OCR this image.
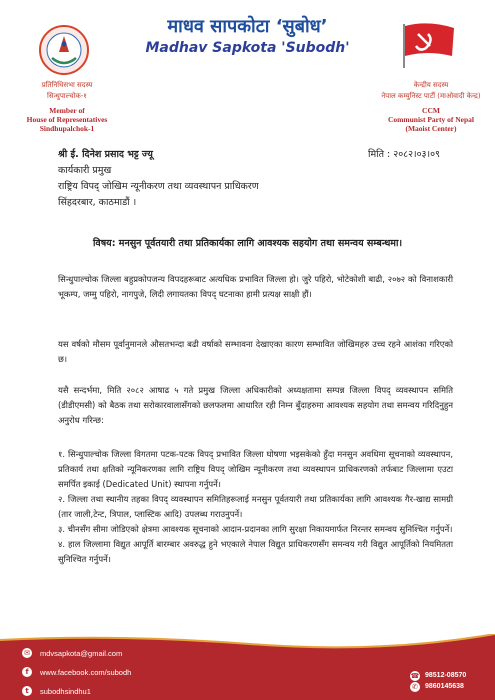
माधव सापकोटा ‘सुबोध’
Madhav Sapkota 'Subodh'
प्रतिनिधिसभा सदस्य
सिन्धुपाल्चोक-१
Member of
House of Representatives
Sindhupalchok-1
केन्द्रीय सदस्य
नेपाल कम्युनिस्ट पार्टी (माओवादी केन्द्र)
CCM
Communist Party of Nepal
(Maoist Center)
श्री ई. दिनेश प्रसाद भट्ट ज्यू
कार्यकारी प्रमुख
राष्ट्रिय विपद् जोखिम न्यूनीकरण तथा व्यवस्थापन प्राधिकरण
सिंहदरबार, काठमाडौं ।
मिति : २०८२।०३।०९
विषय: मनसुन पूर्वतयारी तथा प्रतिकार्यका लागि आवश्यक सहयोग तथा समन्वय सम्बन्धमा।
सिन्धुपाल्चोक जिल्ला बहुप्रकोपजन्य विपदहरूबाट अत्यधिक प्रभावित जिल्ला हो। जुरे पहिरो, भोटेकोशी बाढी, २०७२ को विनाशकारी भूकम्प, जम्मु पहिरो, नागपुजे, लिदी लगायतका विपद् घटनाका हामी प्रत्यक्ष साक्षी हौं।
यस वर्षको मौसम पूर्वानुमानले औसतभन्दा बढी वर्षाको सम्भावना देखाएका कारण सम्भावित जोखिमहरु उच्च रहने आशंका गरिएको छ।
यसै सन्दर्भमा, मिति २०८२ आषाढ ५ गते प्रमुख जिल्ला अधिकारीको अध्यक्षतामा सम्पन्न जिल्ला विपद् व्यवस्थापन समिति (डीडीएमसी) को बैठक तथा सरोकारवालासँगको छलफलमा आधारित रही निम्न बुँदाहरुमा आवश्यक सहयोग तथा समन्वय गरिदिनुहुन अनुरोध गरिन्छ:
१. सिन्धुपाल्चोक जिल्ला विगतमा पटक-पटक विपद् प्रभावित जिल्ला घोषणा भइसकेको हुँदा मनसुन अवधिमा सूचनाको व्यवस्थापन, प्रतिकार्य तथा क्षतिको न्यूनिकरणका लागि राष्ट्रिय विपद् जोखिम न्यूनीकरण तथा व्यवस्थापन प्राधिकरणको तर्फबाट जिल्लामा एउटा समर्पित इकाई (Dedicated Unit) स्थापना गर्नुपर्ने।
२. जिल्ला तथा स्थानीय तहका विपद् व्यवस्थापन समितिहरूलाई मनसुन पूर्वतयारी तथा प्रतिकार्यका लागि आवश्यक गैर-खाद्य सामग्री (तार जाली,टेन्ट, त्रिपाल, प्लास्टिक आदि) उपलब्ध गराउनुपर्ने।
३. चीनसँग सीमा जोडिएको क्षेत्रमा आवश्यक सूचनाको आदान-प्रदानका लागि सुरक्षा निकायमार्फत निरन्तर समन्वय सुनिश्चित गर्नुपर्ने।
४. हाल जिल्लामा विद्युत आपूर्ति बारम्बार अवरुद्ध हुने भएकाले नेपाल विद्युत प्राधिकरणसँग समन्वय गरी विद्युत आपूर्तिको नियमितता सुनिश्चित गर्नुपर्ने।
✉ mdvsapkota@gmail.com
f	www.facebook.com/subodh
t	subodhsindhu1
☎ 98512-08570
✆ 9860145638
